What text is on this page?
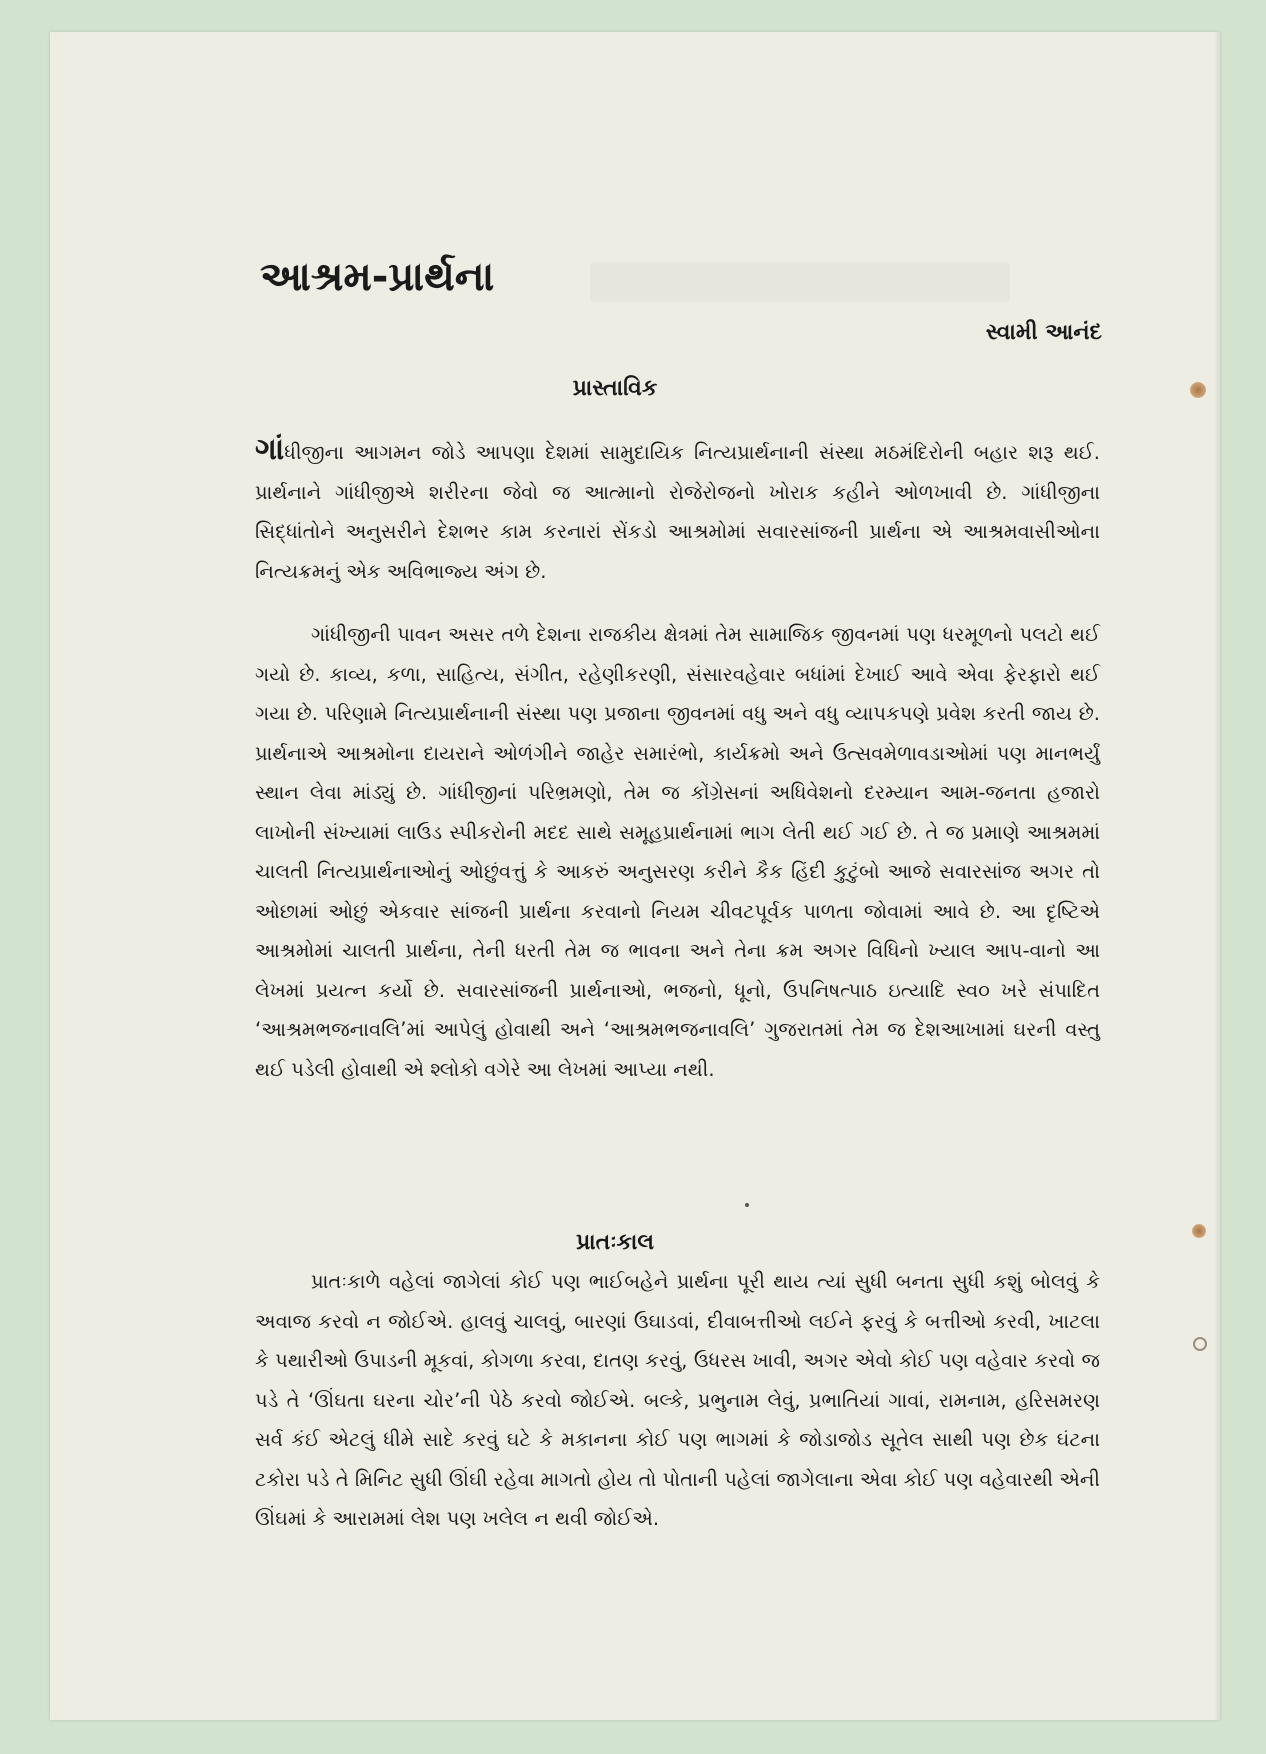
આશ્રમ-પ્રાર્થના

સ્વામી આનંદ

પ્રાસ્તાવિક

ગાંધીજીના આગમન જોડે આપણા દેશમાં સામુદાયિક નિત્યપ્રાર્થનાની સંસ્થા મઠમંદિરોની બહાર શરૂ થઈ. પ્રાર્થનાને ગાંધીજીએ શરીરના જેવો જ આત્માનો રોજેરોજનો ખોરાક કહીને ઓળખાવી છે. ગાંધીજીના સિદ્ધાંતોને અનુસરીને દેશભર કામ કરનારાં સેંકડો આશ્રમોમાં સવારસાંજની પ્રાર્થના એ આશ્રમવાસીઓના નિત્યક્રમનું એક અવિભાજ્ય અંગ છે.

ગાંધીજીની પાવન અસર તળે દેશના રાજકીય ક્ષેત્રમાં તેમ સામાજિક જીવનમાં પણ ધરમૂળનો પલટો થઈ ગયો છે. કાવ્ય, કળા, સાહિત્ય, સંગીત, રહેણીકરણી, સંસારવહેવાર બધાંમાં દેખાઈ આવે એવા ફેરફારો થઈ ગયા છે. પરિણામે નિત્યપ્રાર્થનાની સંસ્થા પણ પ્રજાના જીવનમાં વધુ અને વધુ વ્યાપકપણે પ્રવેશ કરતી જાય છે. પ્રાર્થનાએ આશ્રમોના દાયરાને ઓળંગીને જાહેર સમારંભો, કાર્યક્રમો અને ઉત્સવમેળાવડાઓમાં પણ માનભર્યું સ્થાન લેવા માંડ્યું છે. ગાંધીજીનાં પરિભ્રમણો, તેમ જ કોંગ્રેસનાં અધિવેશનો દરમ્યાન આમ-જનતા હજારો લાખોની સંખ્યામાં લાઉડ સ્પીકરોની મદદ સાથે સમૂહપ્રાર્થનામાં ભાગ લેતી થઈ ગઈ છે. તે જ પ્રમાણે આશ્રમમાં ચાલતી નિત્યપ્રાર્થનાઓનું ઓછુંવત્તું કે આકરું અનુસરણ કરીને કૈક હિંદી કુટુંબો આજે સવારસાંજ અગર તો ઓછામાં ઓછું એકવાર સાંજની પ્રાર્થના કરવાનો નિયમ ચીવટપૂર્વક પાળતા જોવામાં આવે છે. આ દૃષ્ટિએ આશ્રમોમાં ચાલતી પ્રાર્થના, તેની ધરતી તેમ જ ભાવના અને તેના ક્રમ અગર વિધિનો ખ્યાલ આપ-વાનો આ લેખમાં પ્રયત્ન કર્યો છે. સવારસાંજની પ્રાર્થનાઓ, ભજનો, ધૂનો, ઉપનિષત્પાઠ ઇત્યાદિ સ્વ૦ ખરે સંપાદિત ‘આશ્રમભજનાવલિ’માં આપેલું હોવાથી અને ‘આશ્રમભજનાવલિ’ ગુજરાતમાં તેમ જ દેશઆખામાં ઘરની વસ્તુ થઈ પડેલી હોવાથી એ શ્લોકો વગેરે આ લેખમાં આપ્યા નથી.

પ્રાતઃકાલ

પ્રાતઃકાળે વહેલાં જાગેલાં કોઈ પણ ભાઈબહેને પ્રાર્થના પૂરી થાય ત્યાં સુધી બનતા સુધી કશું બોલવું કે અવાજ કરવો ન જોઈએ. હાલવું ચાલવું, બારણાં ઉઘાડવાં, દીવાબત્તીઓ લઈને ફરવું કે બત્તીઓ કરવી, ખાટલા કે પથારીઓ ઉપાડની મૂકવાં, કોગળા કરવા, દાતણ કરવું, ઉધરસ ખાવી, અગર એવો કોઈ પણ વહેવાર કરવો જ પડે તે ‘ઊંઘતા ઘરના ચોર’ની પેઠે કરવો જોઈએ. બલ્કે, પ્રભુનામ લેવું, પ્રભાતિયાં ગાવાં, રામનામ, હરિસમરણ સર્વ કંઈ એટલું ધીમે સાદે કરવું ઘટે કે મકાનના કોઈ પણ ભાગમાં કે જોડાજોડ સૂતેલ સાથી પણ છેક ઘંટના ટકોરા પડે તે મિનિટ સુધી ઊંઘી રહેવા માગતો હોય તો પોતાની પહેલાં જાગેલાના એવા કોઈ પણ વહેવારથી એની ઊંઘમાં કે આરામમાં લેશ પણ ખલેલ ન થવી જોઈએ.
